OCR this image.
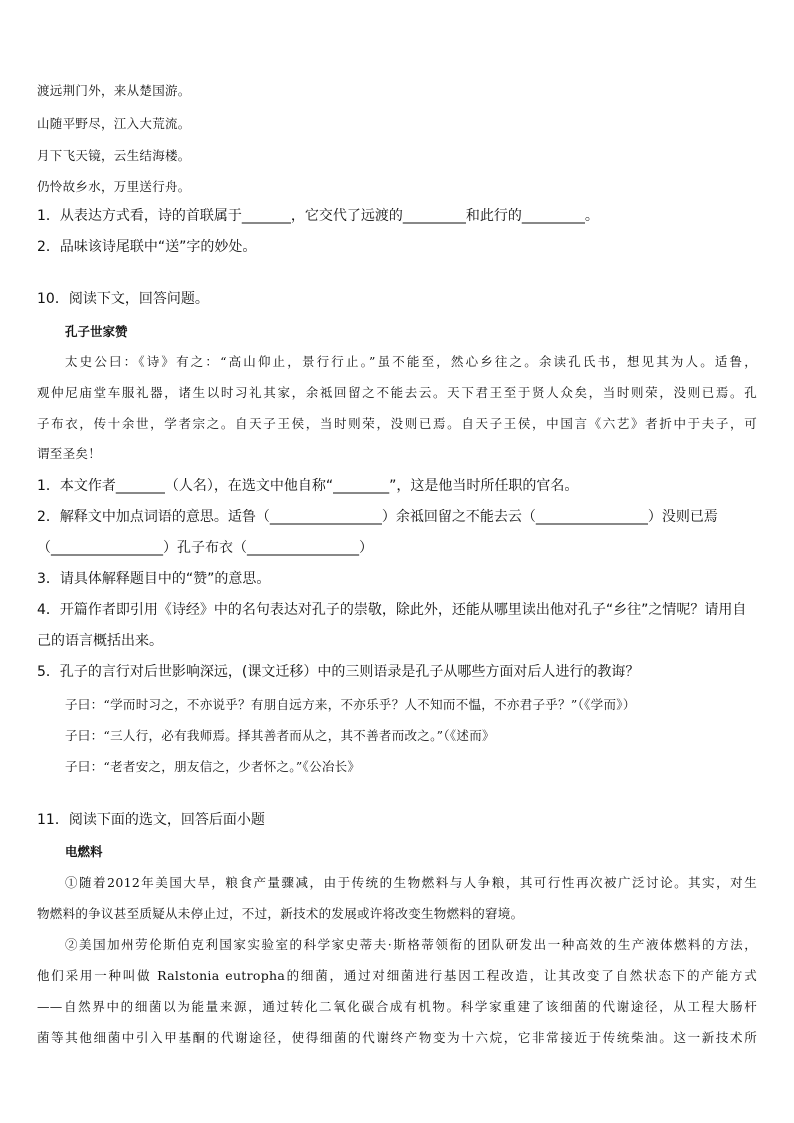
渡远荆门外，来从楚国游。
山随平野尽，江入大荒流。
月下飞天镜，云生结海楼。
仍怜故乡水，万里送行舟。
1．从表达方式看，诗的首联属于_______，它交代了远渡的_________和此行的_________。
2．品味该诗尾联中“送”字的妙处。
10．阅读下文，回答问题。
孔子世家赞
太史公曰：《诗》有之：“高山仰止，景行行止。”虽不能至，然心乡往之。余读孔氏书，想见其为人。适鲁，
观仲尼庙堂车服礼器，诸生以时习礼其家，余祗回留之不能去云。天下君王至于贤人众矣，当时则荣，没则已焉。孔
子布衣，传十余世，学者宗之。自天子王侯，当时则荣，没则已焉。自天子王侯，中国言《六艺》者折中于夫子，可
谓至圣矣！
1．本文作者_______（人名），在选文中他自称“________”，这是他当时所任职的官名。
2．解释文中加点词语的意思。适鲁（________________）余祗回留之不能去云（________________）没则已焉
（________________）孔子布衣（________________）
3．请具体解释题目中的“赞”的意思。
4．开篇作者即引用《诗经》中的名句表达对孔子的崇敬，除此外，还能从哪里读出他对孔子“乡往”之情呢？请用自
己的语言概括出来。
5．孔子的言行对后世影响深远，(课文迁移）中的三则语录是孔子从哪些方面对后人进行的教诲？
子曰：“学而时习之，不亦说乎？有朋自远方来，不亦乐乎？人不知而不愠，不亦君子乎？”（《学而》）
子曰：“三人行，必有我师焉。择其善者而从之，其不善者而改之。”（《述而》
子曰：“老者安之，朋友信之，少者怀之。”《公冶长》
11．阅读下面的选文，回答后面小题
电燃料
①随着2012年美国大旱，粮食产量骤减，由于传统的生物燃料与人争粮，其可行性再次被广泛讨论。其实，对生
物燃料的争议甚至质疑从未停止过，不过，新技术的发展或许将改变生物燃料的窘境。
②美国加州劳伦斯伯克利国家实验室的科学家史蒂夫·斯格蒂领衔的团队研发出一种高效的生产液体燃料的方法，
他们采用一种叫做 Ralstonia eutropha的细菌，通过对细菌进行基因工程改造，让其改变了自然状态下的产能方式
——自然界中的细菌以为能量来源，通过转化二氧化碳合成有机物。科学家重建了该细菌的代谢途径，从工程大肠杆
菌等其他细菌中引入甲基酮的代谢途径，使得细菌的代谢终产物变为十六烷，它非常接近于传统柴油。这一新技术所
